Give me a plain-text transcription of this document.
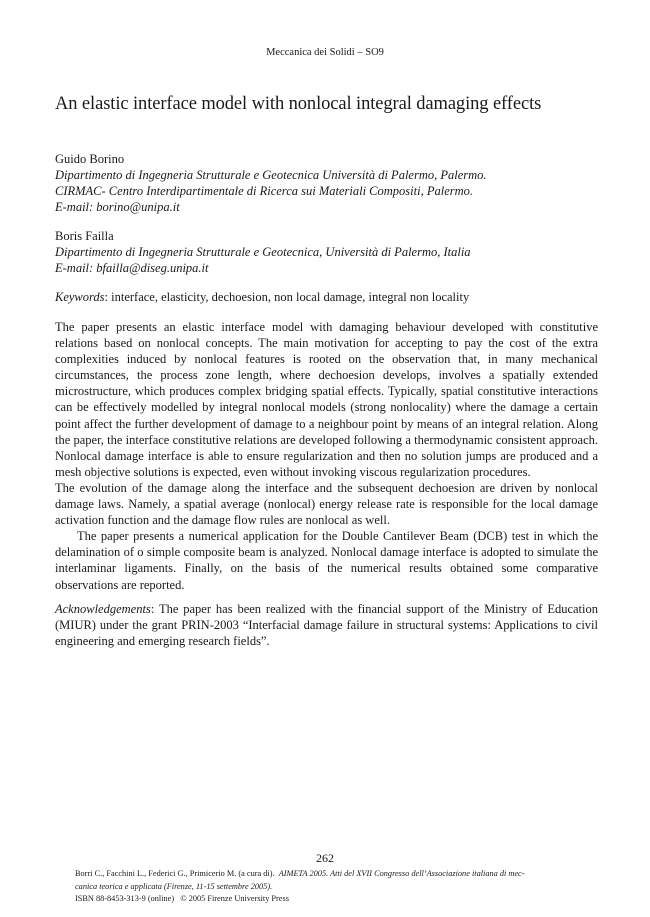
Meccanica dei Solidi – SO9
An elastic interface model with nonlocal integral damaging effects
Guido Borino
Dipartimento di Ingegneria Strutturale e Geotecnica Università di Palermo, Palermo.
CIRMAC- Centro Interdipartimentale di Ricerca sui Materiali Compositi, Palermo.
E-mail: borino@unipa.it
Boris Failla
Dipartimento di Ingegneria Strutturale e Geotecnica, Università di Palermo, Italia
E-mail: bfailla@diseg.unipa.it
Keywords: interface, elasticity, dechoesion, non local damage, integral non locality

The paper presents an elastic interface model with damaging behaviour developed with constitutive relations based on nonlocal concepts. The main motivation for accepting to pay the cost of the extra complexities induced by nonlocal features is rooted on the observation that, in many mechanical circumstances, the process zone length, where dechoesion develops, involves a spatially extended microstructure, which produces complex bridging spatial effects. Typically, spatial constitutive interactions can be effectively modelled by integral nonlocal models (strong nonlocality) where the damage a certain point affect the further development of damage to a neighbour point by means of an integral relation. Along the paper, the interface constitutive relations are developed following a thermodynamic consistent approach. Nonlocal damage interface is able to ensure regularization and then no solution jumps are produced and a mesh objective solutions is expected, even without invoking viscous regularization procedures.

The evolution of the damage along the interface and the subsequent dechoesion are driven by nonlocal damage laws. Namely, a spatial average (nonlocal) energy release rate is responsible for the local damage activation function and the damage flow rules are nonlocal as well.

The paper presents a numerical application for the Double Cantilever Beam (DCB) test in which the delamination of o simple composite beam is analyzed. Nonlocal damage interface is adopted to simulate the interlaminar ligaments. Finally, on the basis of the numerical results obtained some comparative observations are reported.

Acknowledgements: The paper has been realized with the financial support of the Ministry of Education (MIUR) under the grant PRIN-2003 “Interfacial damage failure in structural systems: Applications to civil engineering and emerging research fields”.

262
Borri C., Facchini L., Federici G., Primicerio M. (a cura di). AIMETA 2005. Atti del XVII Congresso dell’Associazione italiana di mec-
canica teorica e applicata (Firenze, 11-15 settembre 2005).
ISBN 88-8453-313-9 (online) © 2005 Firenze University Press
